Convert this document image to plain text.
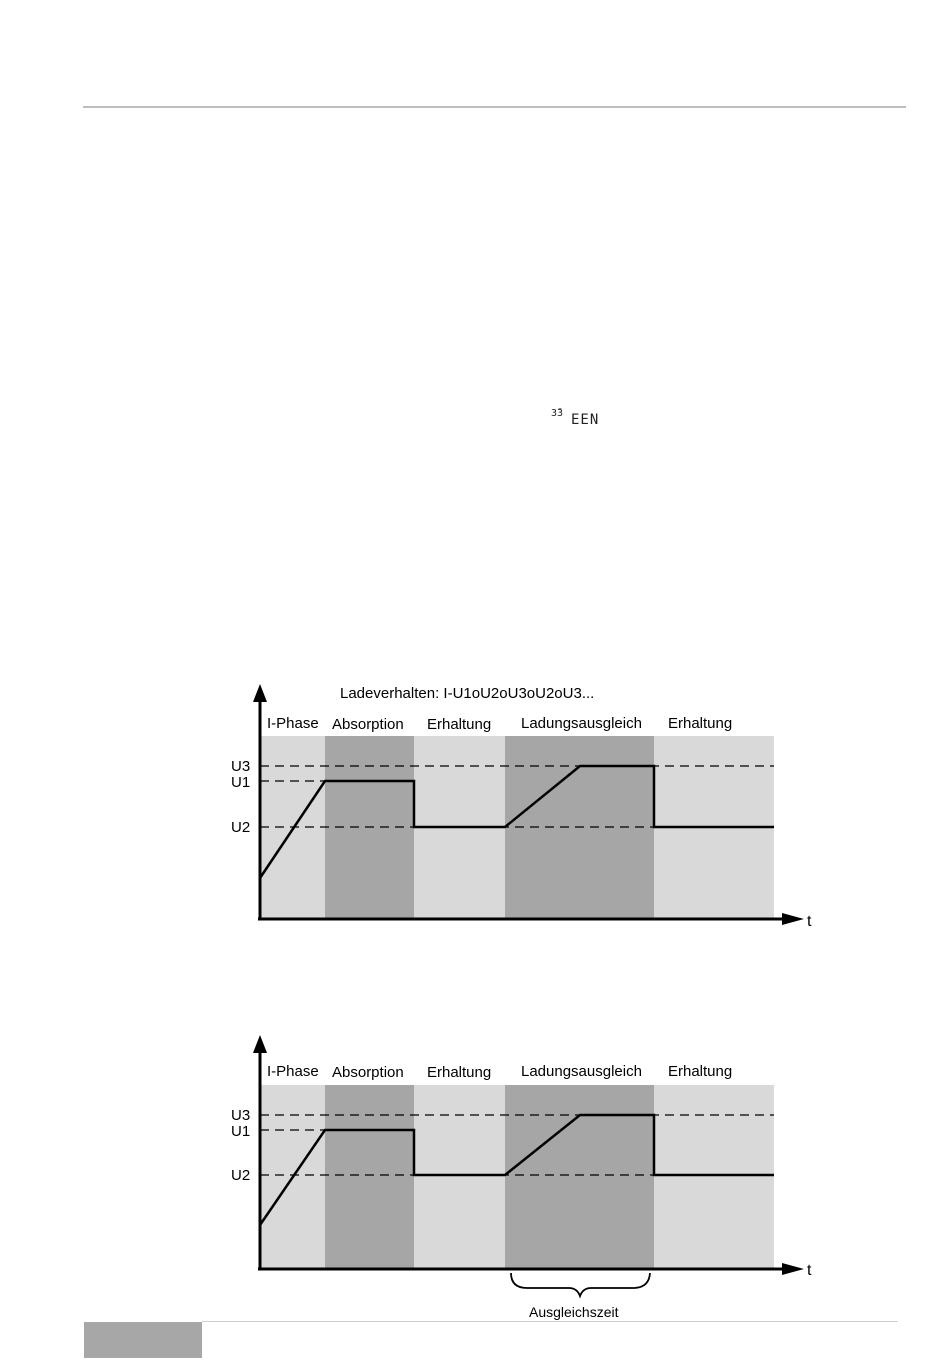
3̄3 EEN
Ladeverhalten: I-U1oU2oU3oU2oU3...
I-Phase Absorption Erhaltung Ladungsausgleich Erhaltung
U3
U1
U2
t
I-Phase Absorption Erhaltung Ladungsausgleich Erhaltung
U3
U1
U2
t
Ausgleichszeit
